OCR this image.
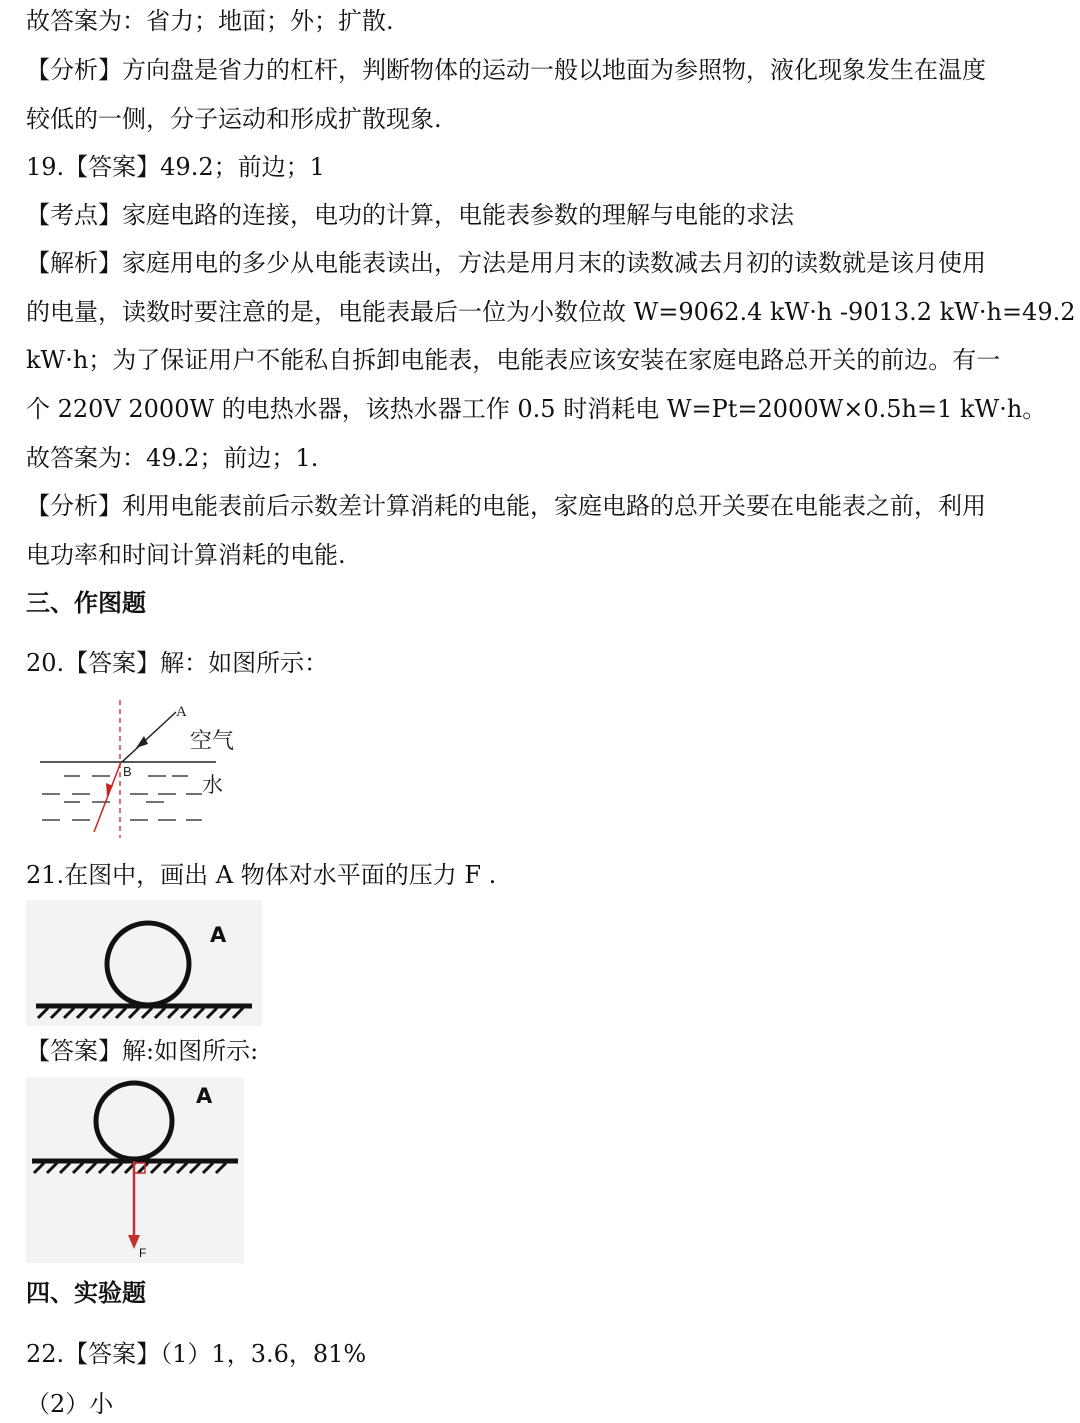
故答案为：省力；地面；外；扩散.
【分析】方向盘是省力的杠杆，判断物体的运动一般以地面为参照物，液化现象发生在温度
较低的一侧，分子运动和形成扩散现象.
19.【答案】49.2；前边；1
【考点】家庭电路的连接，电功的计算，电能表参数的理解与电能的求法
【解析】家庭用电的多少从电能表读出，方法是用月末的读数减去月初的读数就是该月使用
的电量，读数时要注意的是，电能表最后一位为小数位故 W=9062.4 kW·h -9013.2 kW·h=49.2
kW·h；为了保证用户不能私自拆卸电能表，电能表应该安装在家庭电路总开关的前边。有一
个 220V 2000W 的电热水器，该热水器工作 0.5 时消耗电 W=Pt=2000W×0.5h=1 kW·h。
故答案为：49.2；前边；1.
【分析】利用电能表前后示数差计算消耗的电能，家庭电路的总开关要在电能表之前，利用
电功率和时间计算消耗的电能.
三、作图题
20.【答案】解：如图所示：
A
B
空气
水
21.在图中，画出 A 物体对水平面的压力 F .
A
【答案】解:如图所示:
F
A
四、实验题
22.【答案】（1）1，3.6，81%
（2）小
